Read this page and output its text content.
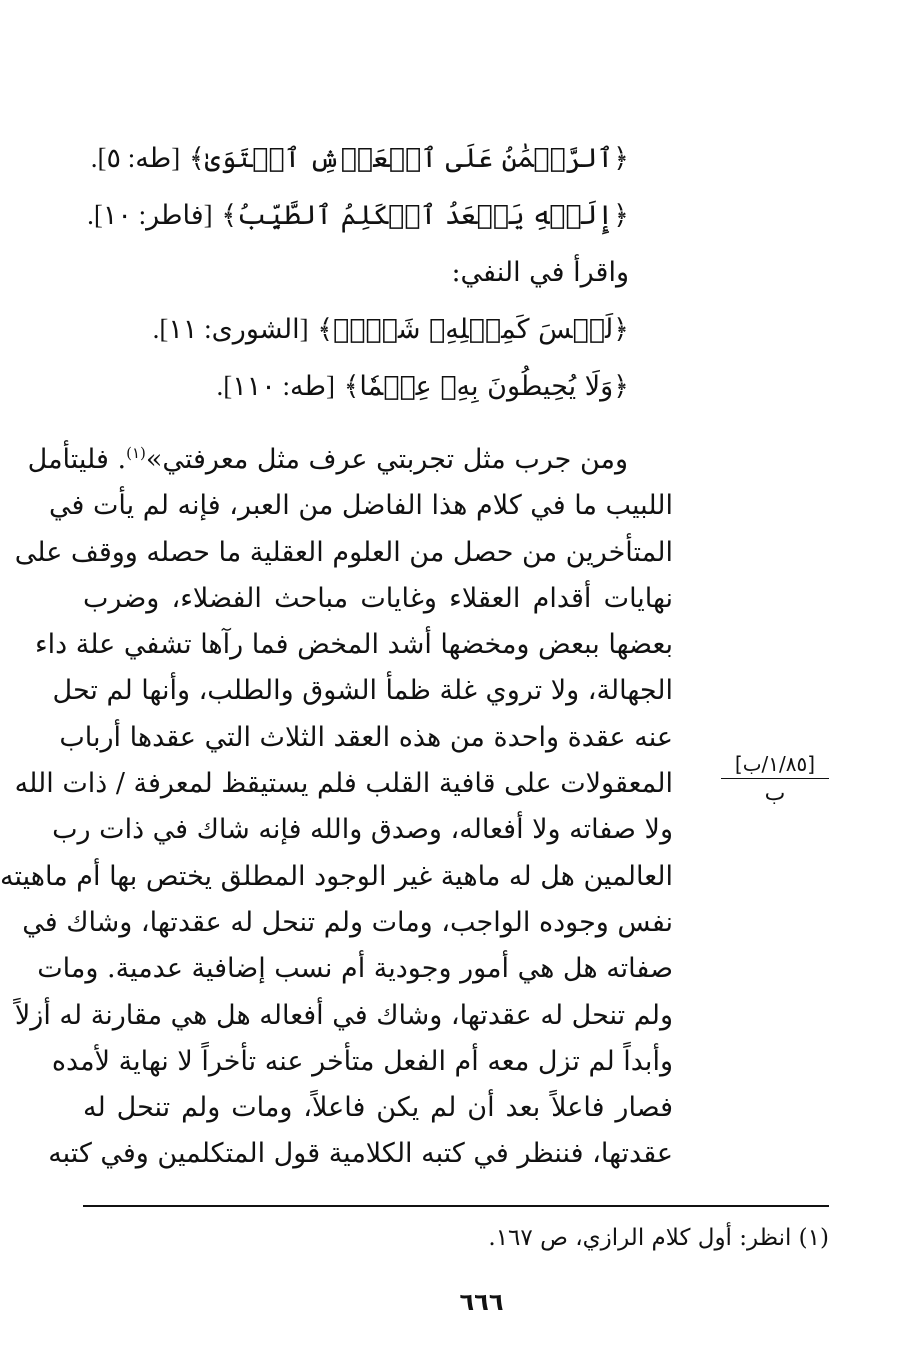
﴿ٱلرَّحۡمَٰنُ عَلَى ٱلۡعَرۡشِ ٱسۡتَوَىٰ﴾ [طه: ٥].
﴿إِلَيۡهِ يَصۡعَدُ ٱلۡكَلِمُ ٱلطَّيِّبُ﴾ [فاطر: ١٠].
واقرأ في النفي:
﴿لَيۡسَ كَمِثۡلِهِۦ شَيۡءٞ﴾ [الشورى: ١١].
﴿وَلَا يُحِيطُونَ بِهِۦ عِلۡمٗا﴾ [طه: ١١٠].
ومن جرب مثل تجربتي عرف مثل معرفتي»$^{(١)}$. فليتأمل
اللبيب ما في كلام هذا الفاضل من العبر، فإنه لم يأت في
المتأخرين من حصل من العلوم العقلية ما حصله ووقف على
نهايات أقدام العقلاء وغايات مباحث الفضلاء، وضرب
بعضها ببعض ومخضها أشد المخض فما رآها تشفي علة داء
الجهالة، ولا تروي غلة ظمأ الشوق والطلب، وأنها لم تحل
عنه عقدة واحدة من هذه العقد الثلاث التي عقدها أرباب
المعقولات على قافية القلب فلم يستيقظ لمعرفة / ذات الله
ولا صفاته ولا أفعاله، وصدق والله فإنه شاك في ذات رب
العالمين هل له ماهية غير الوجود المطلق يختص بها أم ماهيته
نفس وجوده الواجب، ومات ولم تنحل له عقدتها، وشاك في
صفاته هل هي أمور وجودية أم نسب إضافية عدمية. ومات
ولم تنحل له عقدتها، وشاك في أفعاله هل هي مقارنة له أزلاً
وأبداً لم تزل معه أم الفعل متأخر عنه تأخراً لا نهاية لأمده
فصار فاعلاً بعد أن لم يكن فاعلاً، ومات ولم تنحل له
عقدتها، فننظر في كتبه الكلامية قول المتكلمين وفي كتبه
[١/٨٥/ب]
ب
(١) انظر: أول كلام الرازي، ص ١٦٧.
٦٦٦
